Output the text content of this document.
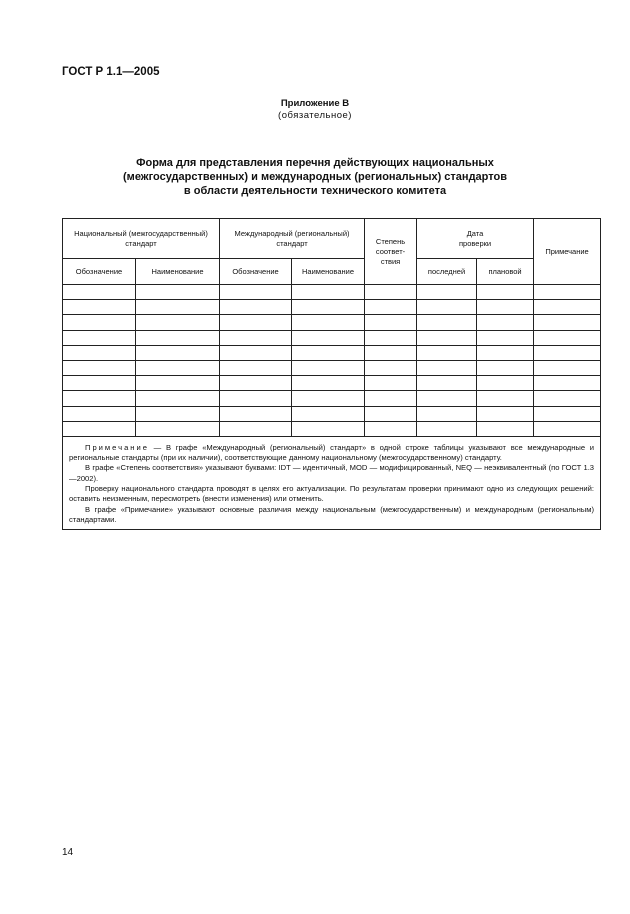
ГОСТ Р 1.1—2005
Приложение В
(обязательное)
Форма для представления перечня действующих национальных
(межгосударственных) и международных (региональных) стандартов
в области деятельности технического комитета
Национальный (межгосударственный) стандарт		Международный (региональный) стандарт		Степень соответ-ствия	Дата проверки		Примечание
Обозначение	Наименование	Обозначение	Наименование		последней	плановой	

Примечание — В графе «Международный (региональный) стандарт» в одной строке таблицы указывают все международные и региональные стандарты (при их наличии), соответствующие данному национальному (межгосударственному) стандарту.

В графе «Степень соответствия» указывают буквами: IDT — идентичный, MOD — модифицированный, NEQ — неэквивалентный (по ГОСТ 1.3—2002).

Проверку национального стандарта проводят в целях его актуализации. По результатам проверки принимают одно из следующих решений: оставить неизменным, пересмотреть (внести изменения) или отменить.

В графе «Примечание» указывают основные различия между национальным (межгосударственным) и международным (региональным) стандартами.							

14
